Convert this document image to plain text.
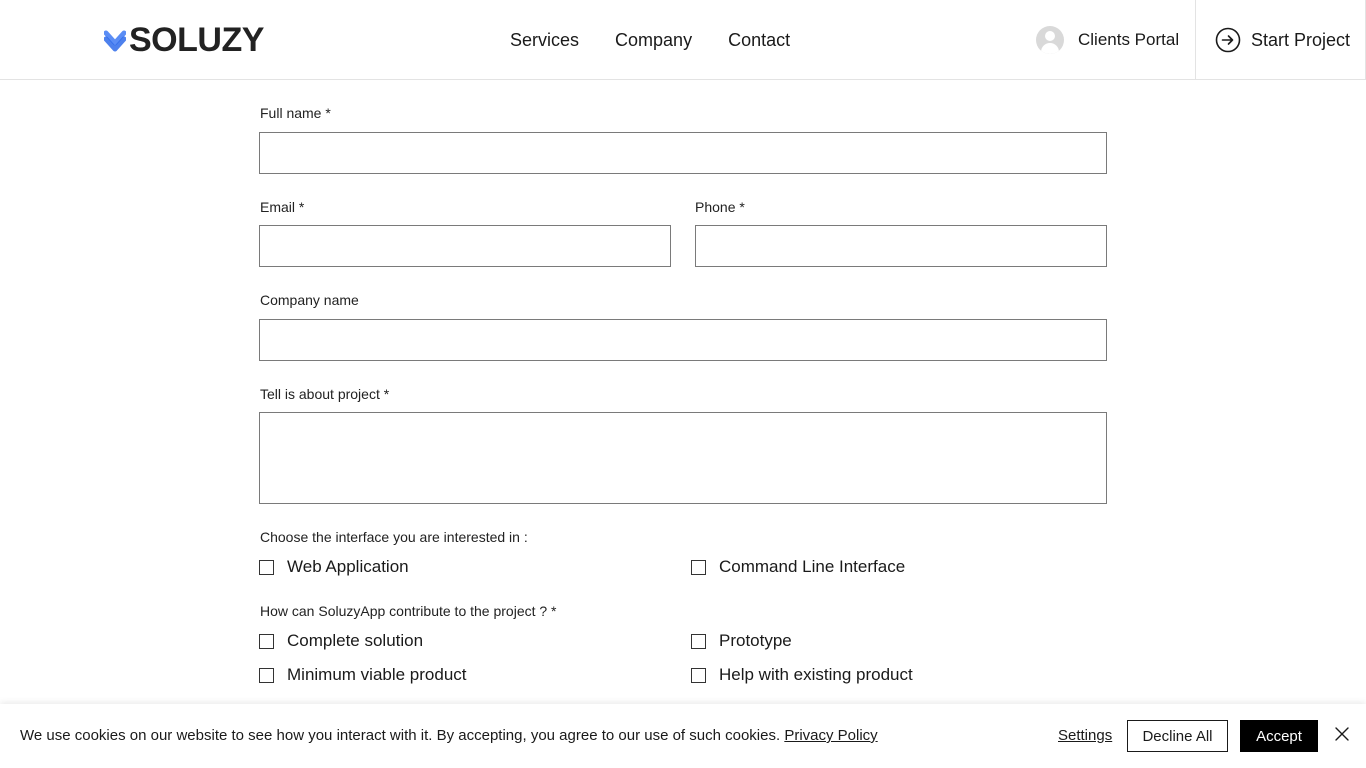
SOLUZY	Services Company Contact	Clients Portal	Start Project
Full name *
Email *	Phone *
Company name
Tell is about project *
Choose the interface you are interested in :
Web Application	Command Line Interface
How can SoluzyApp contribute to the project ? *
Complete solution	Prototype
Minimum viable product	Help with existing product
We use cookies on our website to see how you interact with it. By accepting, you agree to our use of such cookies. Privacy Policy	Settings	Decline All	Accept
